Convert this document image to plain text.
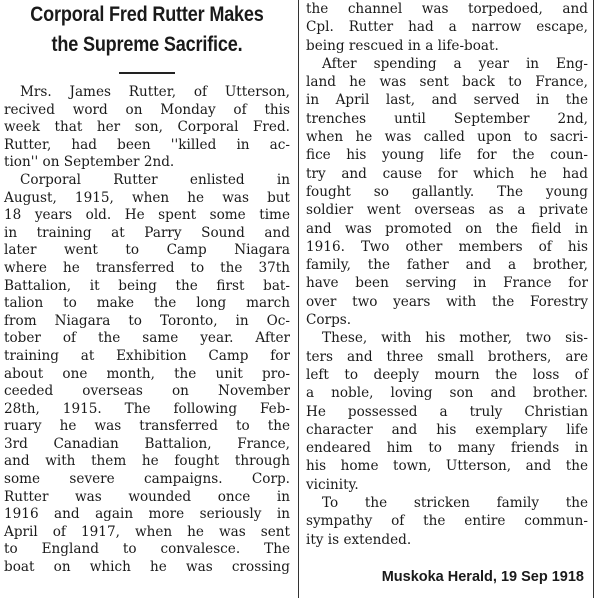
Corporal Fred Rutter Makes
the Supreme Sacrifice.
Mrs. James Rutter, of Utterson,
recived word on Monday of this
week that her son, Corporal Fred.
Rutter, had been ''killed in ac-
tion'' on September 2nd.
Corporal Rutter enlisted in
August, 1915, when he was but
18 years old. He spent some time
in training at Parry Sound and
later went to Camp Niagara
where he transferred to the 37th
Battalion, it being the first bat-
talion to make the long march
from Niagara to Toronto, in Oc-
tober of the same year. After
training at Exhibition Camp for
about one month, the unit pro-
ceeded overseas on November
28th, 1915. The following Feb-
ruary he was transferred to the
3rd Canadian Battalion, France,
and with them he fought through
some severe campaigns. Corp.
Rutter was wounded once in
1916 and again more seriously in
April of 1917, when he was sent
to England to convalesce. The
boat on which he was crossing
the channel was torpedoed, and
Cpl. Rutter had a narrow escape,
being rescued in a life-boat.
After spending a year in Eng-
land he was sent back to France,
in April last, and served in the
trenches until September 2nd,
when he was called upon to sacri-
fice his young life for the coun-
try and cause for which he had
fought so gallantly. The young
soldier went overseas as a private
and was promoted on the field in
1916. Two other members of his
family, the father and a brother,
have been serving in France for
over two years with the Forestry
Corps.
These, with his mother, two sis-
ters and three small brothers, are
left to deeply mourn the loss of
a noble, loving son and brother.
He possessed a truly Christian
character and his exemplary life
endeared him to many friends in
his home town, Utterson, and the
vicinity.
To the stricken family the
sympathy of the entire commun-
ity is extended.
Muskoka Herald, 19 Sep 1918
